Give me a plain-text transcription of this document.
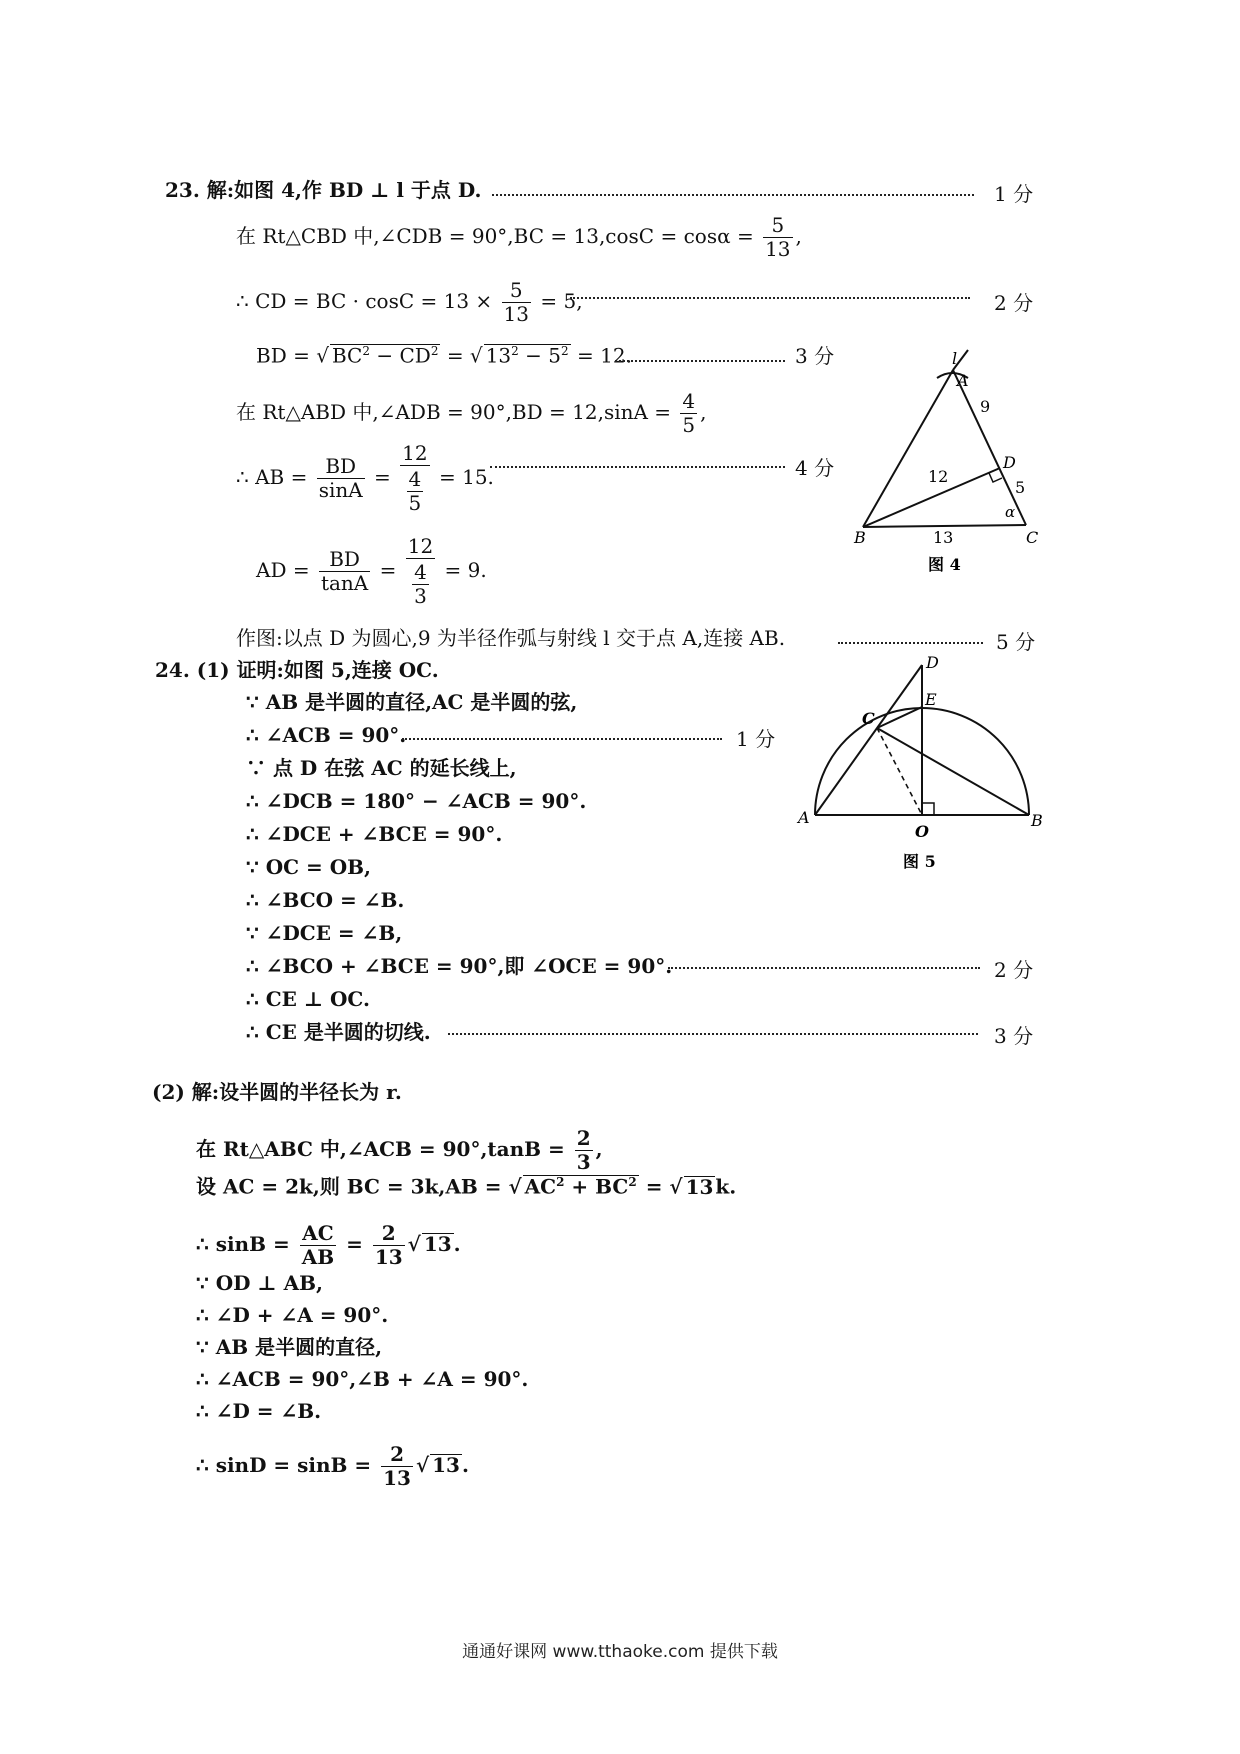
23. 解:如图 4,作 BD ⊥ l 于点 D.	1 分
在 Rt△CBD 中,∠CDB = $90^\circ,BC = 13,\cos C = \cos\alpha = \frac{5}{13}$ ,
∴ CD = BC · $\cos C = 13 \times \frac{5}{13} = 5$,	2 分
BD = √ $BC^2 - CD^2$ = √ $13^2 - 5^2 = 12$.	3 分
在 Rt△ABD 中,∠ADB = $90^\circ,BD = 12,\sin A = \frac{4}{5}$ ,
∴ AB = $\frac{BD}{\sin A} = \frac{12}{\frac{4}{5}} = 15$.	4 分
AD = $\frac{BD}{\tan A} = \frac{12}{\frac{4}{3}} = 9$.
作图:以点 D 为圆心,9 为半径作弧与射线 l 交于点 A,连接 AB.	5 分
l
A
9
D
12
5
α
B	13	C
图 4
24. (1) 证明:如图 5,连接 OC.
∵ AB 是半圆的直径,AC 是半圆的弦,
∴ ∠ACB = 90°.	1 分
∵ 点 D 在弦 AC 的延长线上,
∴ ∠DCB = 180° − ∠ACB = 90°.
∴ ∠DCE + ∠BCE = 90°.
∵ OC = OB,
∴ ∠BCO = ∠B.
∵ ∠DCE = ∠B,
∴ ∠BCO + ∠BCE = 90°,即 ∠OCE = 90°.	2 分
∴ CE ⊥ OC.
∴ CE 是半圆的切线.	3 分
D
E
C
A	B
O
图 5
(2) 解:设半圆的半径长为 r.
在 Rt△ABC 中,∠ACB = $90^\circ,\tan B = \frac{2}{3}$ ,
设 AC = 2k,则 BC = 3k,AB = √ $AC^2 + BC^2$ = √ 13 k.
∴ $\sin B = \frac{AC}{AB} = \frac{2}{13}$ √ 13 .
∵ OD ⊥ AB,
∴ ∠D + ∠A = 90°.
∵ AB 是半圆的直径,
∴ ∠ACB = 90°,∠B + ∠A = 90°.
∴ ∠D = ∠B.
∴ $\sin D = \sin B = \frac{2}{13}$ √ 13 .
通通好课网 www.tthaoke.com 提供下载
